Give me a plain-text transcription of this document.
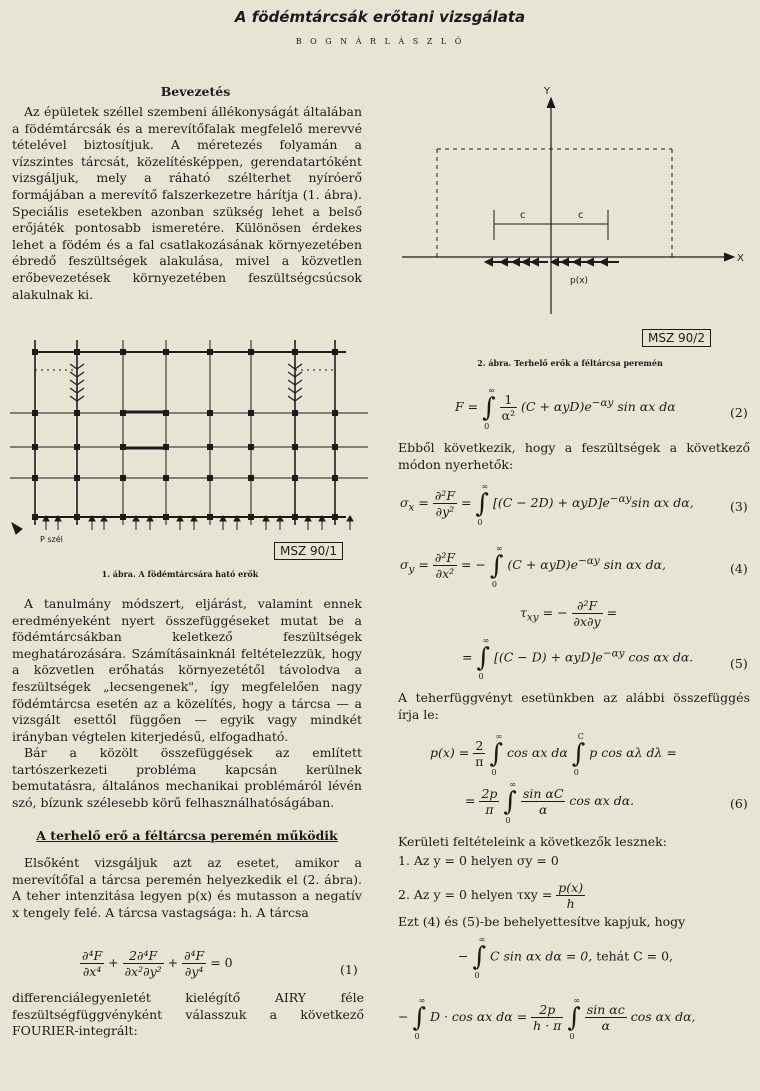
A födémtárcsák erőtani vizsgálata
B O G N Á R L Á S Z L Ó
Bevezetés
Az épületek széllel szembeni állékonyságát általában a födémtárcsák és a merevítőfalak megfelelő merevvé tételével biztosítjuk. A méretezés folyamán a vízszintes tárcsát, közelítésképpen, gerendatartóként vizsgáljuk, mely a ráható szélterhet nyíróerő formájában a merevítő falszerkezetre hárítja (1. ábra). Speciális esetekben azonban szükség lehet a belső erőjáték pontosabb ismeretére. Különösen érdekes lehet a födém és a fal csatlakozásának környezetében ébredő feszültségek alakulása, mivel a közvetlen erőbevezetések környezetében feszültségcsúcsok alakulnak ki.
P szél
MSZ 90/1
1. ábra. A födémtárcsára ható erők
A tanulmány módszert, eljárást, valamint ennek eredményeként nyert összefüggéseket mutat be a födémtárcsákban keletkező feszültségek meghatározására. Számításainknál feltételezzük, hogy a közvetlen erőhatás környezetétől távolodva a feszültségek „lecsengenek", így megfelelően nagy födémtárcsa esetén az a közelítés, hogy a tárcsa — a vizsgált esettől függően — egyik vagy mindkét irányban végtelen kiterjedésű, elfogadható.
Bár a közölt összefüggések az említett tartószerkezeti probléma kapcsán kerülnek bemutatásra, általános mechanikai problémáról lévén szó, bízunk szélesebb körű felhasználhatóságában.
A terhelő erő a féltárcsa peremén működik
Elsőként vizsgáljuk azt az esetet, amikor a merevítőfal a tárcsa peremén helyezkedik el (2. ábra). A teher intenzitása legyen p(x) és mutasson a negatív x tengely felé. A tárcsa vastagsága: h. A tárcsa
$\frac{\text{∂⁴F}}{\text{∂x⁴}} + \frac{\text{2∂⁴F}}{\text{∂x²∂y²}} + \frac{\text{∂⁴F}}{\text{∂y⁴}} = 0$	(1)
differenciálegyenletét kielégítő AIRY féle feszültségfüggvényként válasszuk a következő FOURIER-integrált:
Y
X
c	c
p(x)
MSZ 90/2
2. ábra. Terhelő erők a féltárcsa peremén
F = ∫
∞
0

$\frac{1}{\text{α²}} (C + \alpha yD)e^{-\alpha y}$ sin αx dα	(2)
Ebből következik, hogy a feszültségek a következő módon nyerhetők:
$\sigma_x = \frac{\text{∂²F}}{\text{∂y²}}$ = ∫
∞
0
$[(C - 2D) + \alpha yD]e^{-\alpha y}\sin$ αx dα,	(3)
$\sigma_y = \frac{\text{∂²F}}{\text{∂x²}}$ = − ∫
∞
0
$(C + \alpha yD)e^{-\alpha y}$ sin αx dα,	(4)
$\tau_{xy}$ = − $\frac{\text{∂²F}}{\partial x\partial y}$ =
= ∫
∞
0
$[(C - D) + \alpha yD]e^{-\alpha y}$ cos αx dα.	(5)
A teherfüggvényt esetünkben az alábbi összefüggés írja le:
$p(x) = \frac{2}{\pi}$ ∫
∞
0
cos αx dα ∫
C
0
p cos αλ dλ =
= $\frac{2p}{\pi}$ ∫
∞
0

$\frac{\text{sin αC}}{\alpha}$ cos αx dα.	(6)
Kerületi feltételeink a következők lesznek:
1. Az y = 0 helyen σy = 0
2. Az y = 0 helyen $\tau xy = \frac{p(x)}{h}$
Ezt (4) és (5)-be behelyettesítve kapjuk, hogy
− ∫
∞
0
C sin αx dα = 0, tehát C = 0,
− ∫
∞
0
D · cos αx $d\alpha = \frac{2p}{h \cdot \pi}$ ∫
∞
0

$\frac{\text{sin αc}}{\alpha}$ cos αx dα,
